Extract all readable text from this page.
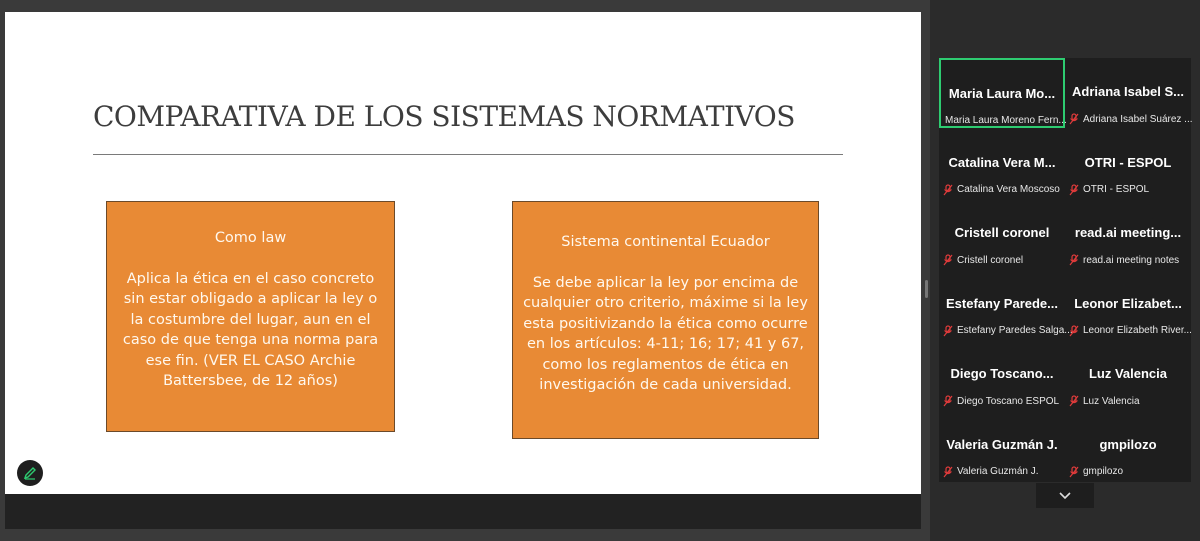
COMPARATIVA DE LOS SISTEMAS NORMATIVOS
Como law
Aplica la ética en el caso concreto sin estar obligado a aplicar la ley o la costumbre del lugar, aun en el caso de que tenga una norma para ese fin. (VER EL CASO Archie Battersbee, de 12 años)
Sistema continental Ecuador
Se debe aplicar la ley por encima de cualquier otro criterio, máxime si la ley esta positivizando la ética como ocurre en los artículos: 4-11; 16; 17; 41 y 67, como los reglamentos de ética en investigación de cada universidad.
Maria Laura Mo...
Maria Laura Moreno Fern...
Adriana Isabel S...
Adriana Isabel Suárez ...
Catalina Vera M...
Catalina Vera Moscoso
OTRI - ESPOL
OTRI - ESPOL
Cristell coronel
Cristell coronel
read.ai meeting...
read.ai meeting notes
Estefany Parede...
Estefany Paredes Salga...
Leonor Elizabet...
Leonor Elizabeth River...
Diego Toscano...
Diego Toscano ESPOL
Luz Valencia
Luz Valencia
Valeria Guzmán J.
Valeria Guzmán J.
gmpilozo
gmpilozo
